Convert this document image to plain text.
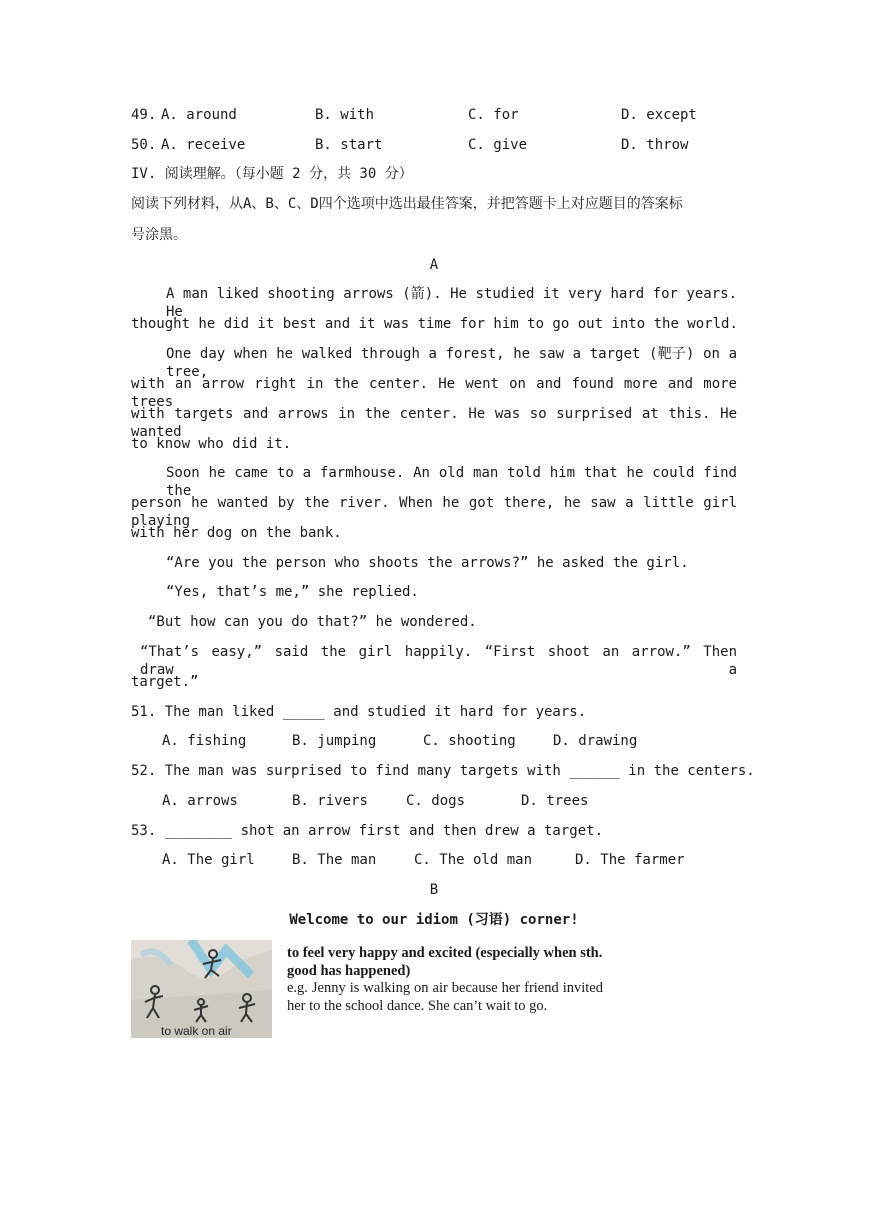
49. A. around	B. with	C. for	D. except
50. A. receive	B. start	C. give	D. throw
IV. 阅读理解。（每小题 2 分，共 30 分）
阅读下列材料，从A、B、C、D四个选项中选出最佳答案，并把答题卡上对应题目的答案标
号涂黑。
A
A man liked shooting arrows (箭). He studied it very hard for years. He
thought he did it best and it was time for him to go out into the world.
One day when he walked through a forest, he saw a target (靶子) on a tree,
with an arrow right in the center. He went on and found more and more trees
with targets and arrows in the center. He was so surprised at this. He wanted
to know who did it.
Soon he came to a farmhouse. An old man told him that he could find the
person he wanted by the river. When he got there, he saw a little girl playing
with her dog on the bank.
“Are you the person who shoots the arrows?” he asked the girl.
“Yes, that’s me,” she replied.
“But how can you do that?” he wondered.
“That’s easy,” said the girl happily. “First shoot an arrow.” Then draw a
target.”
51. The man liked _____ and studied it hard for years.
A. fishing	B. jumping	C. shooting	D. drawing
52. The man was surprised to find many targets with ______ in the centers.
A. arrows	B. rivers	C. dogs	D. trees
53. ________ shot an arrow first and then drew a target.
A. The girl	B. The man	C. The old man	D. The farmer
B
Welcome to our idiom (习语) corner!
to walk on air
to feel very happy and excited (especially when sth. good has happened)
e.g. Jenny is walking on air because her friend invited her to the school dance. She can’t wait to go.
